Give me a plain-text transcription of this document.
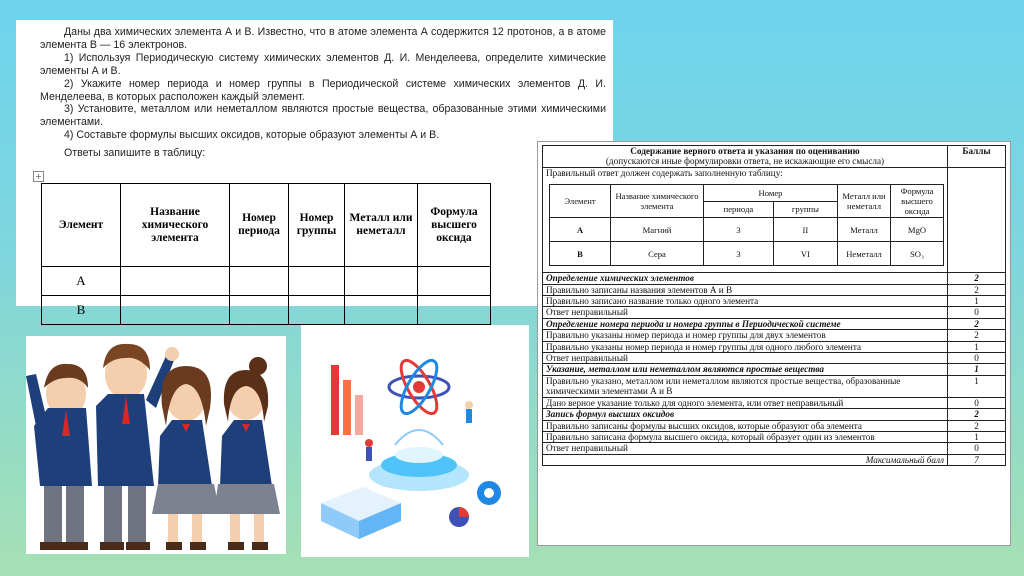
Даны два химических элемента А и В. Известно, что в атоме элемента А содержится 12 протонов, а в атоме элемента В — 16 электронов.

1) Используя Периодическую систему химических элементов Д. И. Менделеева, определите химические элементы А и В.

2) Укажите номер периода и номер группы в Периодической системе химических элементов Д. И. Менделеева, в которых расположен каждый элемент.

3) Установите, металлом или неметаллом являются простые вещества, образованные этими химическими элементами.

4) Составьте формулы высших оксидов, которые образуют элементы А и В.

Ответы запишите в таблицу:

+
Элемент	Название химического элемента	Номер периода	Номер группы	Металл или неметалл	Формула высшего оксида
А					
В					
Содержание верного ответа и указания по оцениванию
(допускаются иные формулировки ответа, не искажающие его смысла)
	Баллы

Правильный ответ должен содержать заполненную таблицу:
Элемент	Название химического элемента	Номер	Металл или неметалл	Формула высшего оксида
периода	группы
А	Магний	3	II	Металл	MgO
В	Сера	3	VI	Неметалл	SO₃

Определение химических элементов	2
Правильно записаны названия элементов А и В	2
Правильно записано название только одного элемента	1
Ответ неправильный	0
Определение номера периода и номера группы в Периодической системе	2
Правильно указаны номер периода и номер группы для двух элементов	2
Правильно указаны номер периода и номер группы для одного любого элемента	1
Ответ неправильный	0
Указание, металлом или неметаллом являются простые вещества	1
Правильно указано, металлом или неметаллом являются простые вещества, образованные химическими элементами А и В	1
Дано верное указание только для одного элемента, или ответ неправильный	0
Запись формул высших оксидов	2
Правильно записаны формулы высших оксидов, которые образуют оба элемента	2
Правильно записана формула высшего оксида, который образует один из элементов	1
Ответ неправильный	0
Максимальный балл	7
